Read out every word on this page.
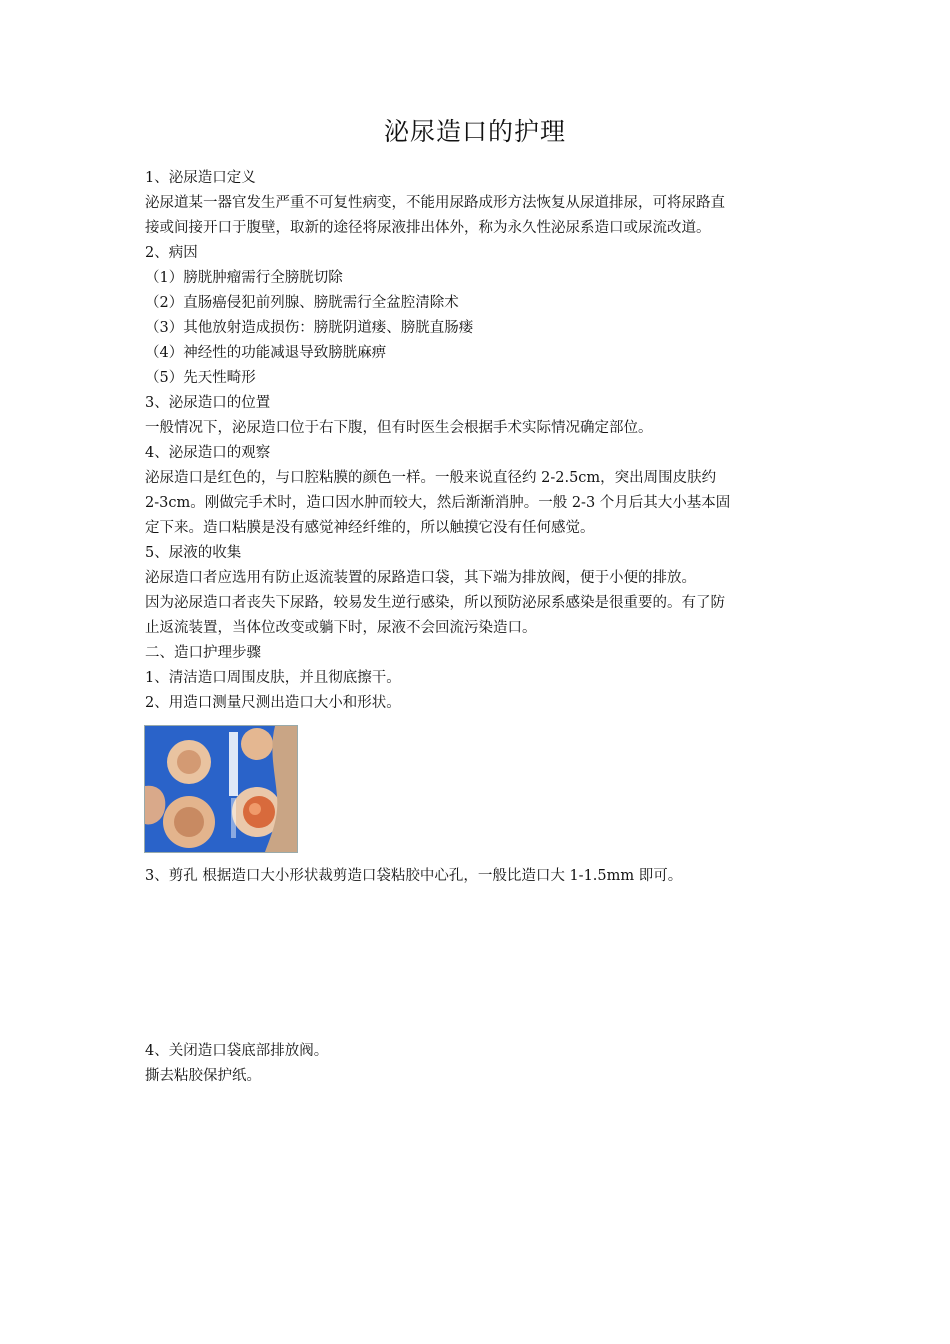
泌尿造口的护理
1、泌尿造口定义
泌尿道某一器官发生严重不可复性病变，不能用尿路成形方法恢复从尿道排尿，可将尿路直
接或间接开口于腹壁，取新的途径将尿液排出体外，称为永久性泌尿系造口或尿流改道。
2、病因
（1）膀胱肿瘤需行全膀胱切除
（2）直肠癌侵犯前列腺、膀胱需行全盆腔清除术
（3）其他放射造成损伤：膀胱阴道瘘、膀胱直肠瘘
（4）神经性的功能减退导致膀胱麻痹
（5）先天性畸形
3、泌尿造口的位置
一般情况下，泌尿造口位于右下腹，但有时医生会根据手术实际情况确定部位。
4、泌尿造口的观察
泌尿造口是红色的，与口腔粘膜的颜色一样。一般来说直径约 2-2.5cm，突出周围皮肤约
2-3cm。刚做完手术时，造口因水肿而较大，然后渐渐消肿。一般 2-3 个月后其大小基本固
定下来。造口粘膜是没有感觉神经纤维的，所以触摸它没有任何感觉。
5、尿液的收集
泌尿造口者应选用有防止返流装置的尿路造口袋，其下端为排放阀，便于小便的排放。
因为泌尿造口者丧失下尿路，较易发生逆行感染，所以预防泌尿系感染是很重要的。有了防
止返流装置，当体位改变或躺下时，尿液不会回流污染造口。
二、造口护理步骤
1、清洁造口周围皮肤，并且彻底擦干。
2、用造口测量尺测出造口大小和形状。
3、剪孔 根据造口大小形状裁剪造口袋粘胶中心孔，一般比造口大 1-1.5mm 即可。
4、关闭造口袋底部排放阀。
撕去粘胶保护纸。
